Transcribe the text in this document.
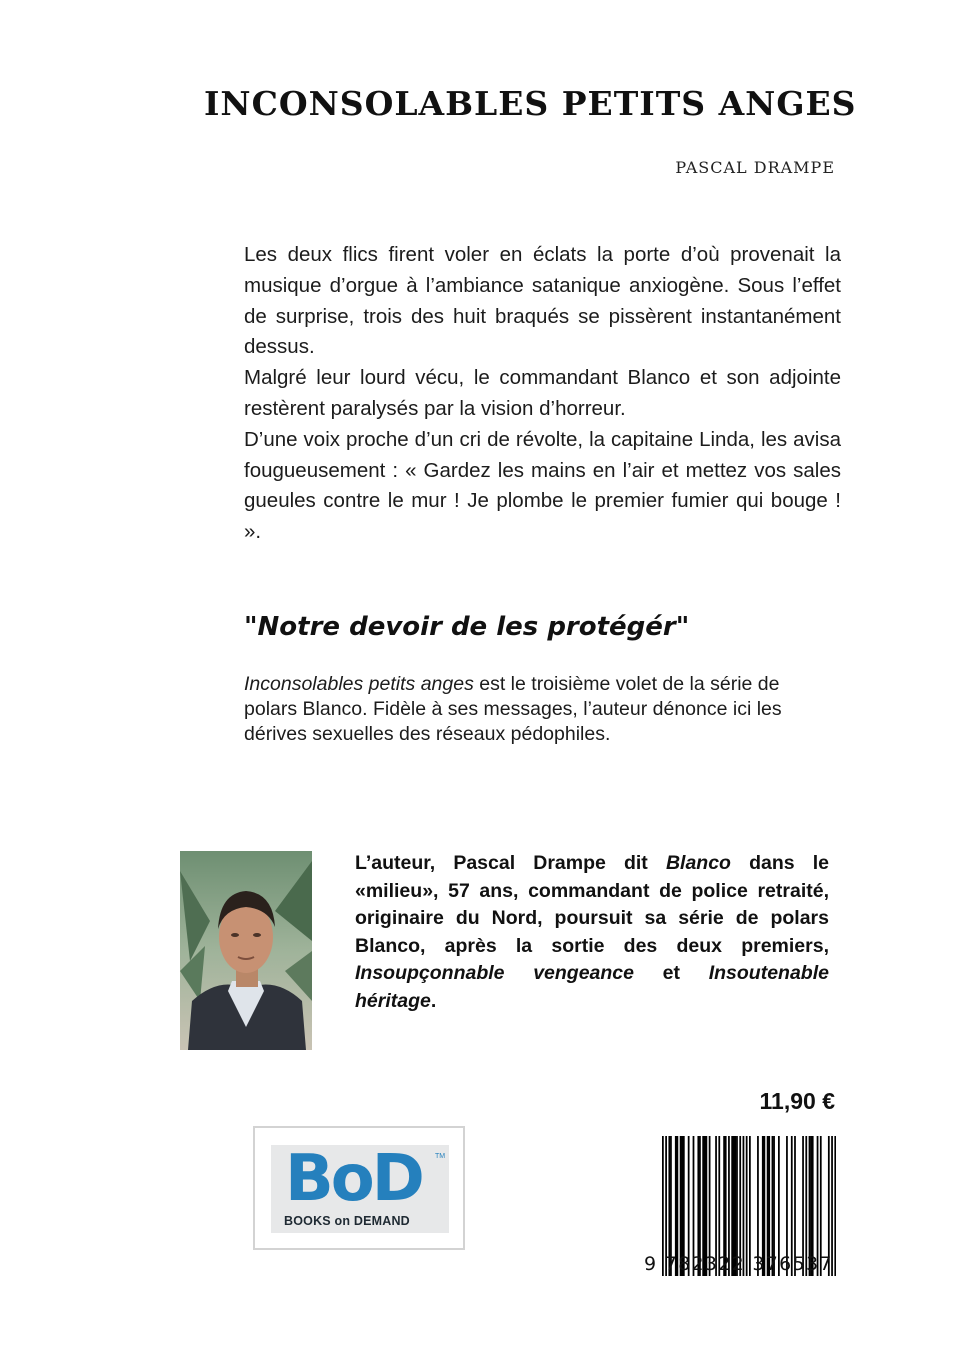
INCONSOLABLES PETITS ANGES
PASCAL DRAMPE

Les deux flics firent voler en éclats la porte d’où provenait la musique d’orgue à l’ambiance satanique anxiogène. Sous l’effet de surprise, trois des huit braqués se pissèrent instantanément dessus.

Malgré leur lourd vécu, le commandant Blanco et son adjointe restèrent paralysés par la vision d’horreur.

D’une voix proche d’un cri de révolte, la capitaine Linda, les avisa fougueusement : « Gardez les mains en l’air et mettez vos sales gueules contre le mur ! Je plombe le premier fumier qui bouge ! ».

"Notre devoir de les protégér"
Inconsolables petits anges est le troisième volet de la série de polars Blanco. Fidèle à ses messages, l’auteur dénonce ici les dérives sexuelles des réseaux pédophiles.
L’auteur, Pascal Drampe dit Blanco dans le «milieu», 57 ans, commandant de police retraité, originaire du Nord, poursuit sa série de polars Blanco, après la sortie des deux premiers, Insoupçonnable vengeance et Insoutenable héritage.
11,90 €
BoD TM
BOOKS on DEMAND
9 782322 376537
